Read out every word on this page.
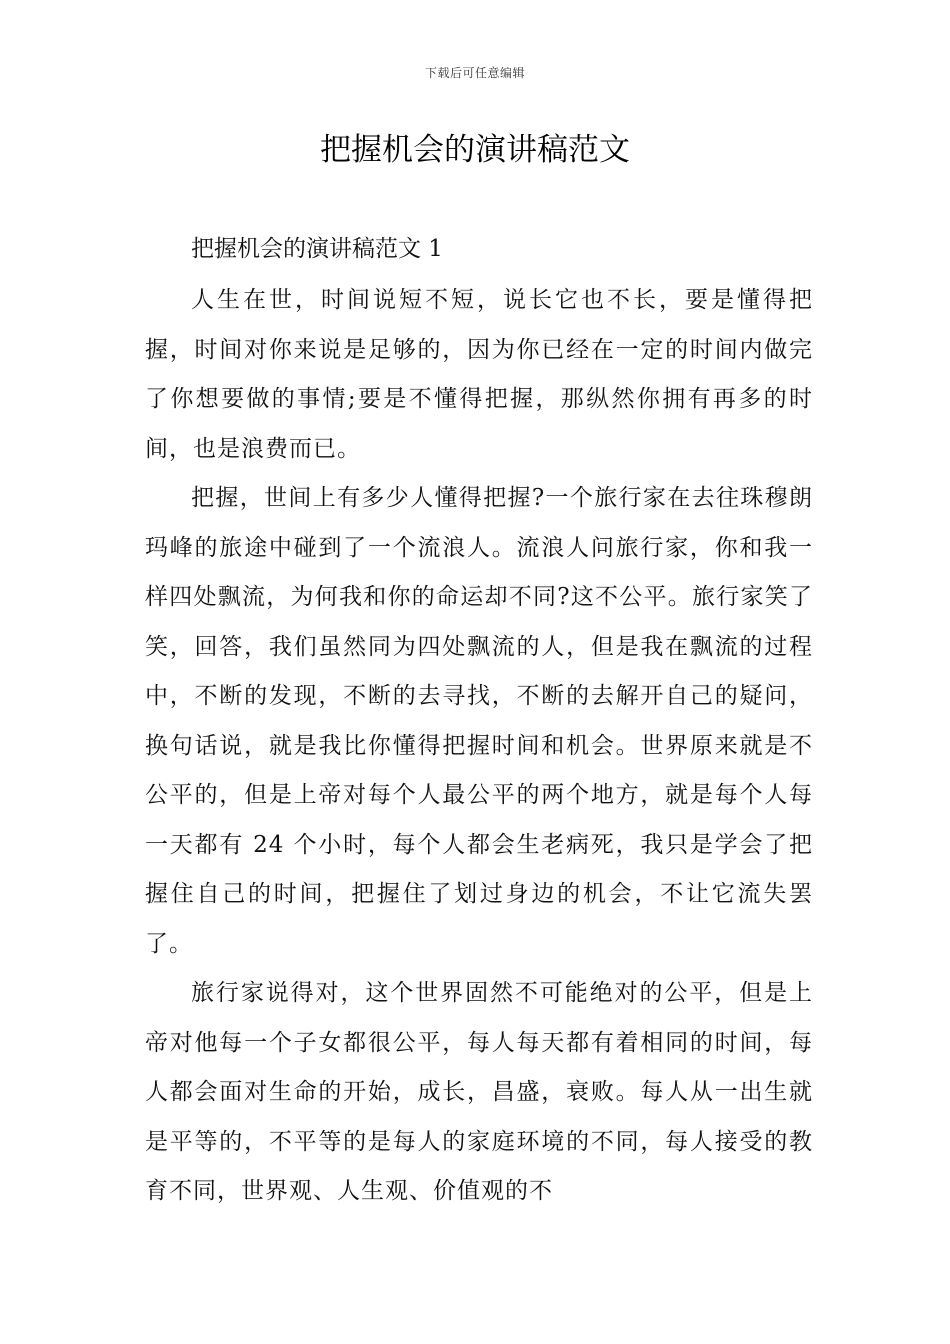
下载后可任意编辑
把握机会的演讲稿范文

把握机会的演讲稿范文 1

人生在世，时间说短不短，说长它也不长，要是懂得把握，时间对你来说是足够的，因为你已经在一定的时间内做完了你想要做的事情;要是不懂得把握，那纵然你拥有再多的时间，也是浪费而已。

把握，世间上有多少人懂得把握?一个旅行家在去往珠穆朗玛峰的旅途中碰到了一个流浪人。流浪人问旅行家，你和我一样四处飘流，为何我和你的命运却不同?这不公平。旅行家笑了笑，回答，我们虽然同为四处飘流的人，但是我在飘流的过程中，不断的发现，不断的去寻找，不断的去解开自己的疑问，换句话说，就是我比你懂得把握时间和机会。世界原来就是不公平的，但是上帝对每个人最公平的两个地方，就是每个人每一天都有 24 个小时，每个人都会生老病死，我只是学会了把握住自己的时间，把握住了划过身边的机会，不让它流失罢了。

旅行家说得对，这个世界固然不可能绝对的公平，但是上帝对他每一个子女都很公平，每人每天都有着相同的时间，每人都会面对生命的开始，成长，昌盛，衰败。每人从一出生就是平等的，不平等的是每人的家庭环境的不同，每人接受的教育不同，世界观、人生观、价值观的不
